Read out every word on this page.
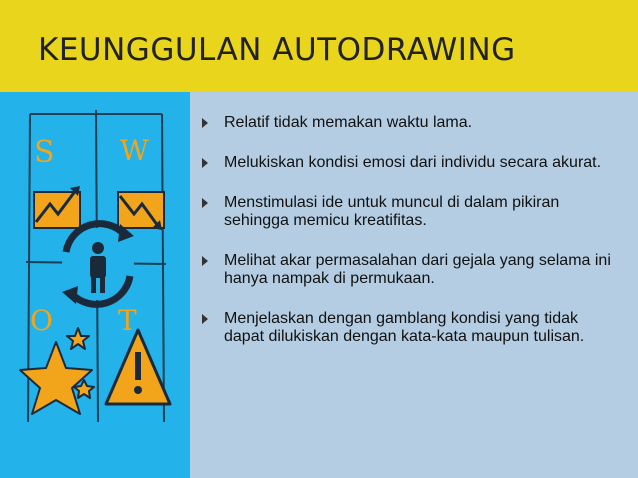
KEUNGGULAN AUTODRAWING
S W
O T
Relatif tidak memakan waktu lama.
Melukiskan kondisi emosi dari individu secara akurat.
Menstimulasi ide untuk muncul di dalam pikiran sehingga memicu kreatifitas.
Melihat akar permasalahan dari gejala yang selama ini hanya nampak di permukaan.
Menjelaskan dengan gamblang kondisi yang tidak dapat dilukiskan dengan kata-kata maupun tulisan.
